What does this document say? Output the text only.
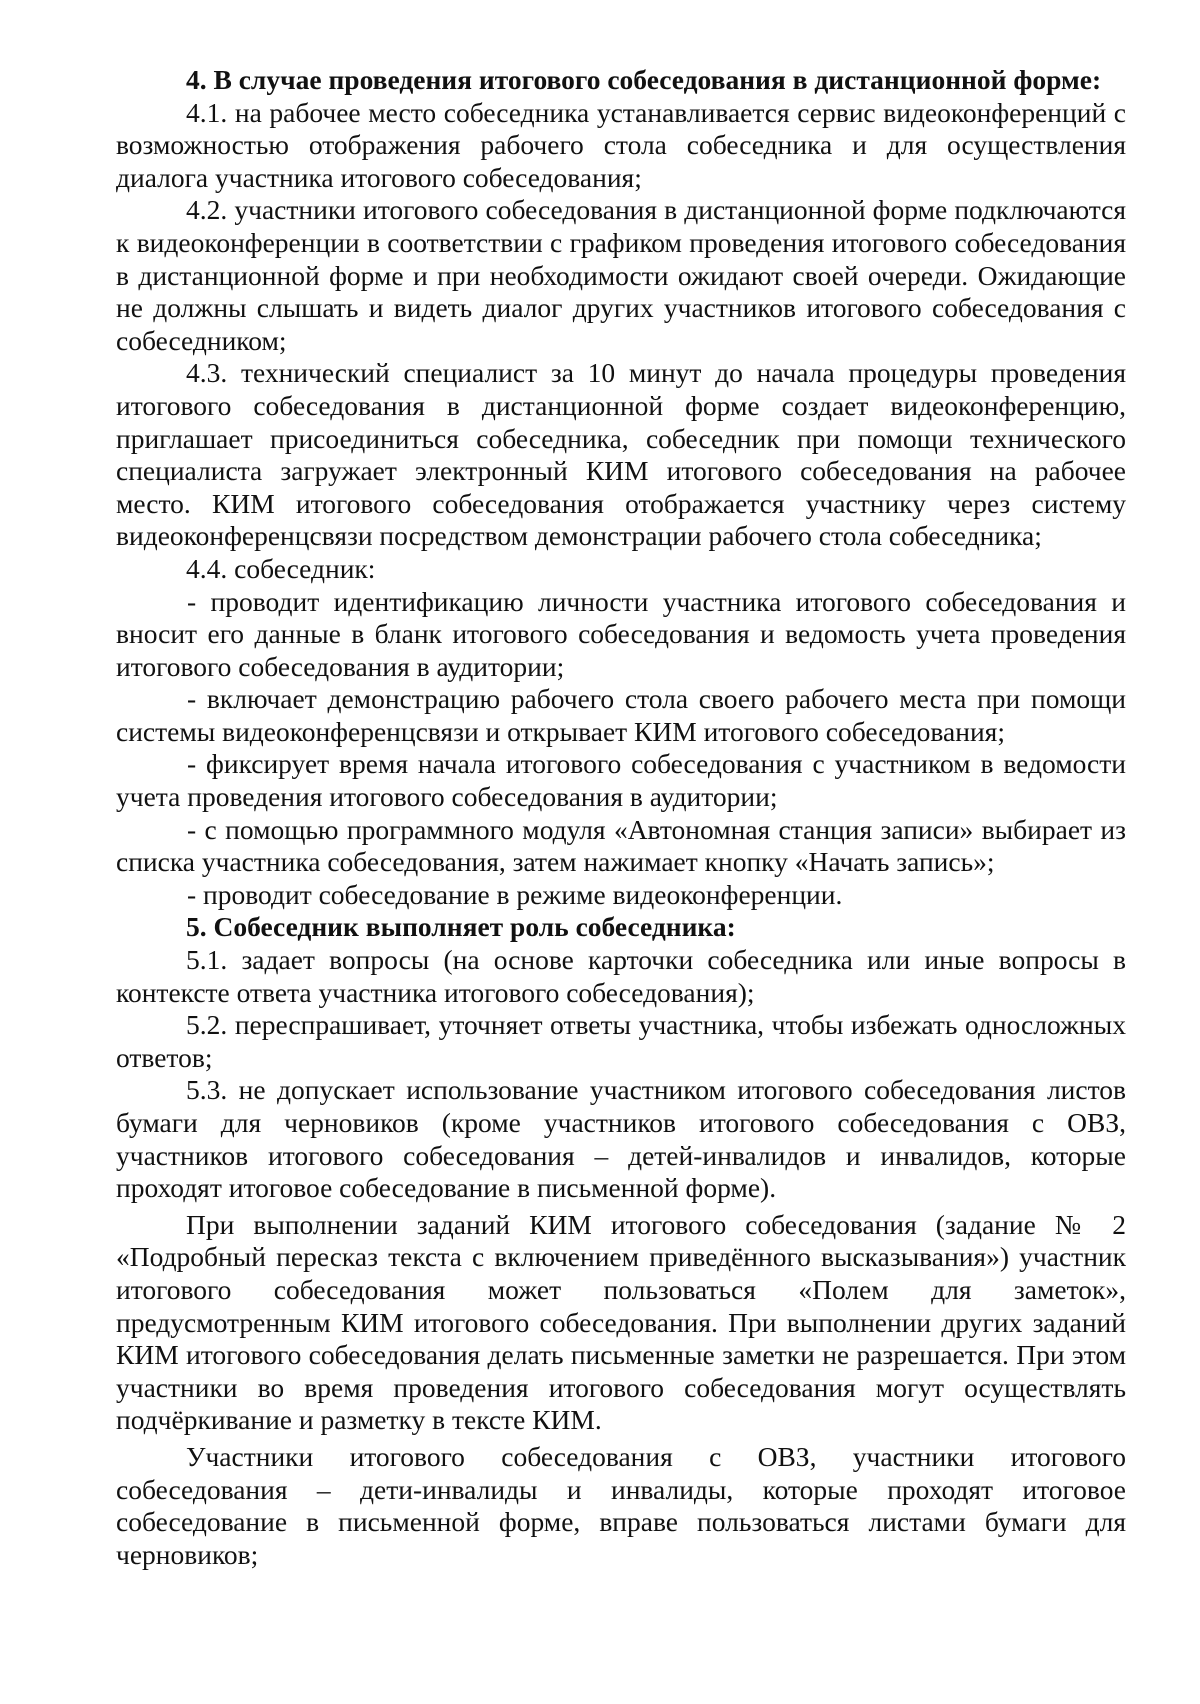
4. В случае проведения итогового собеседования в дистанционной форме:

4.1. на рабочее место собеседника устанавливается сервис видеоконференций с возможностью отображения рабочего стола собеседника и для осуществления диалога участника итогового собеседования;

4.2. участники итогового собеседования в дистанционной форме подключаются к видеоконференции в соответствии с графиком проведения итогового собеседования в дистанционной форме и при необходимости ожидают своей очереди. Ожидающие не должны слышать и видеть диалог других участников итогового собеседования с собеседником;

4.3. технический специалист за 10 минут до начала процедуры проведения итогового собеседования в дистанционной форме создает видеоконференцию, приглашает присоединиться собеседника, собеседник при помощи технического специалиста загружает электронный КИМ итогового собеседования на рабочее место. КИМ итогового собеседования отображается участнику через систему видеоконференцсвязи посредством демонстрации рабочего стола собеседника;

4.4. собеседник:

- проводит идентификацию личности участника итогового собеседования и вносит его данные в бланк итогового собеседования и ведомость учета проведения итогового собеседования в аудитории;

- включает демонстрацию рабочего стола своего рабочего места при помощи системы видеоконференцсвязи и открывает КИМ итогового собеседования;

- фиксирует время начала итогового собеседования с участником в ведомости учета проведения итогового собеседования в аудитории;

- с помощью программного модуля «Автономная станция записи» выбирает из списка участника собеседования, затем нажимает кнопку «Начать запись»;

- проводит собеседование в режиме видеоконференции.

5. Собеседник выполняет роль собеседника:

5.1. задает вопросы (на основе карточки собеседника или иные вопросы в контексте ответа участника итогового собеседования);

5.2. переспрашивает, уточняет ответы участника, чтобы избежать односложных ответов;

5.3. не допускает использование участником итогового собеседования листов бумаги для черновиков (кроме участников итогового собеседования с ОВЗ, участников итогового собеседования – детей-инвалидов и инвалидов, которые проходят итоговое собеседование в письменной форме).

При выполнении заданий КИМ итогового собеседования (задание № 2 «Подробный пересказ текста с включением приведённого высказывания») участник итогового собеседования может пользоваться «Полем для заметок», предусмотренным КИМ итогового собеседования. При выполнении других заданий КИМ итогового собеседования делать письменные заметки не разрешается. При этом участники во время проведения итогового собеседования могут осуществлять подчёркивание и разметку в тексте КИМ.

Участники итогового собеседования с ОВЗ, участники итогового собеседования – дети-инвалиды и инвалиды, которые проходят итоговое собеседование в письменной форме, вправе пользоваться листами бумаги для черновиков;
